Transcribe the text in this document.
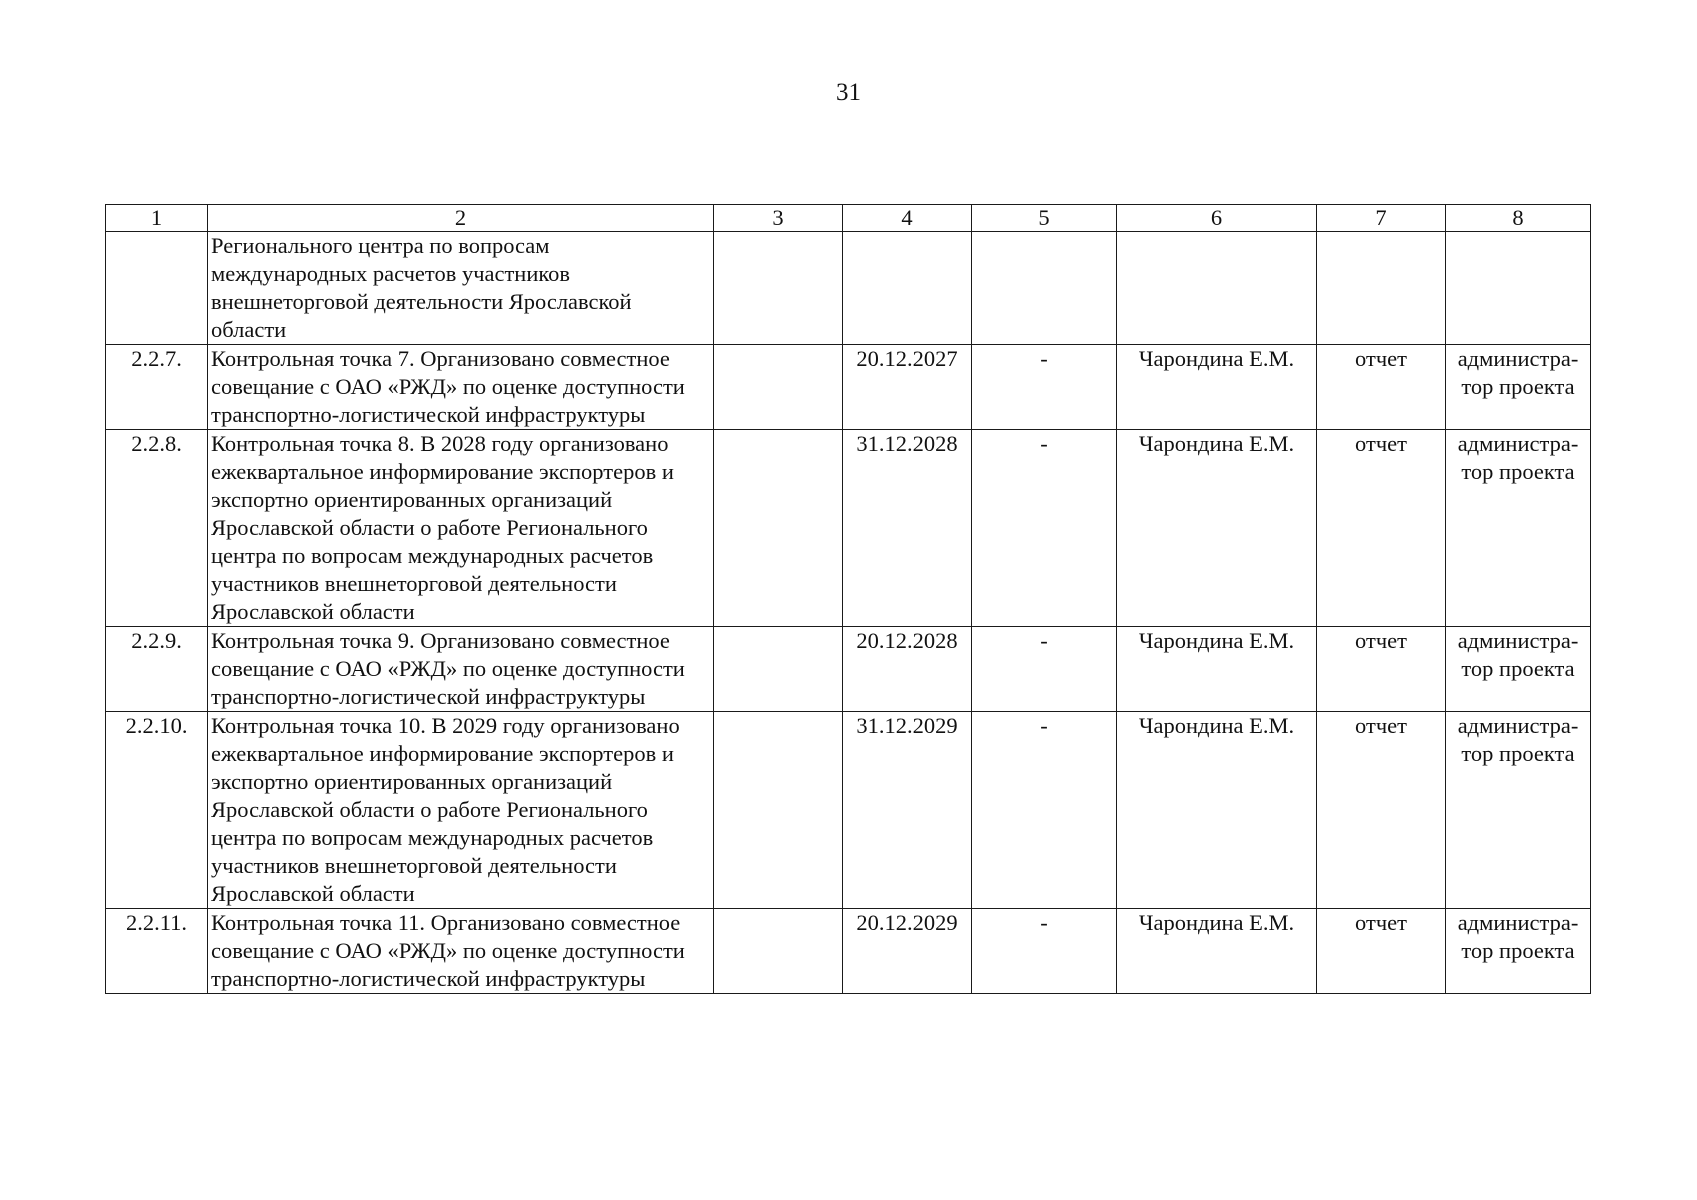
31
1	2	3	4	5	6	7	8
	Регионального центра по вопросам международных расчетов участников внешнеторговой деятельности Ярославской области						
2.2.7.	Контрольная точка 7. Организовано совместное совещание с ОАО «РЖД» по оценке доступности транспортно-логистической инфраструктуры		20.12.2027	-	Чарондина Е.М.	отчет	администра-тор проекта
2.2.8.	Контрольная точка 8. В 2028 году организовано ежеквартальное информирование экспортеров и экспортно ориентированных организаций Ярославской области о работе Регионального центра по вопросам международных расчетов участников внешнеторговой деятельности Ярославской области		31.12.2028	-	Чарондина Е.М.	отчет	администра-тор проекта
2.2.9.	Контрольная точка 9. Организовано совместное совещание с ОАО «РЖД» по оценке доступности транспортно-логистической инфраструктуры		20.12.2028	-	Чарондина Е.М.	отчет	администра-тор проекта
2.2.10.	Контрольная точка 10. В 2029 году организовано ежеквартальное информирование экспортеров и экспортно ориентированных организаций Ярославской области о работе Регионального центра по вопросам международных расчетов участников внешнеторговой деятельности Ярославской области		31.12.2029	-	Чарондина Е.М.	отчет	администра-тор проекта
2.2.11.	Контрольная точка 11. Организовано совместное совещание с ОАО «РЖД» по оценке доступности транспортно-логистической инфраструктуры		20.12.2029	-	Чарондина Е.М.	отчет	администра-тор проекта
